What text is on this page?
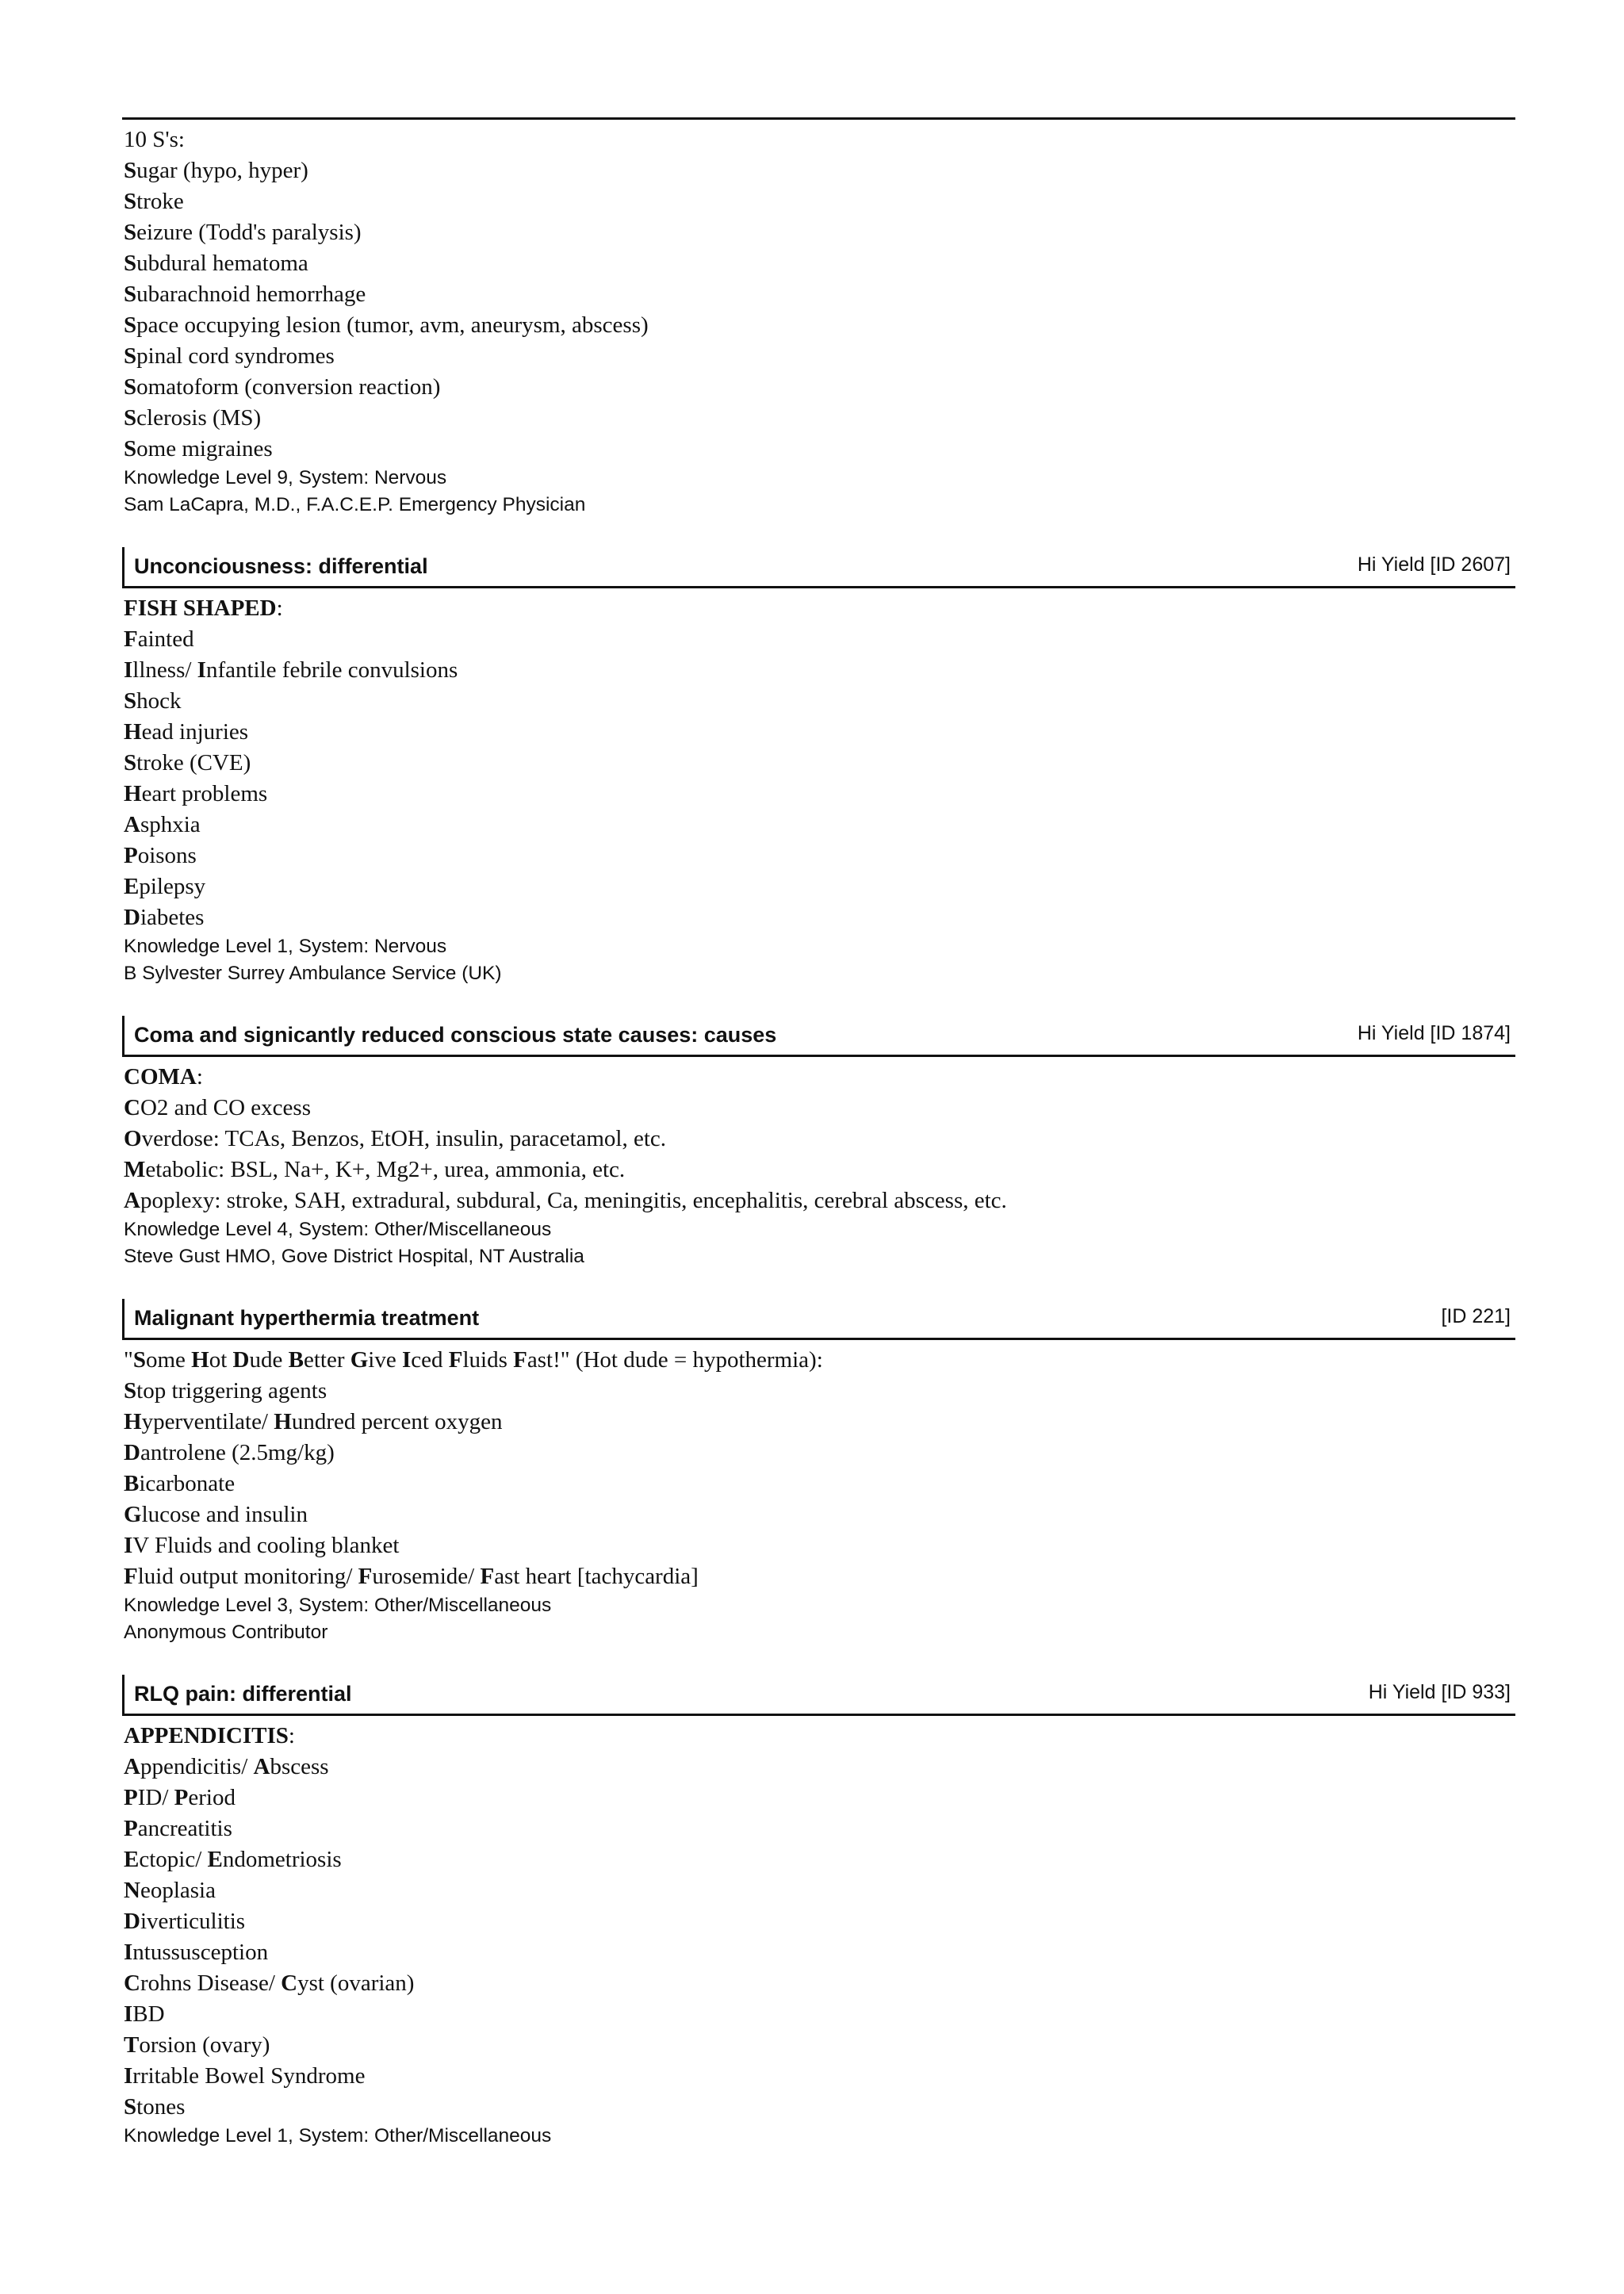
10 S's:
Sugar (hypo, hyper)
Stroke
Seizure (Todd's paralysis)
Subdural hematoma
Subarachnoid hemorrhage
Space occupying lesion (tumor, avm, aneurysm, abscess)
Spinal cord syndromes
Somatoform (conversion reaction)
Sclerosis (MS)
Some migraines
Knowledge Level 9, System: Nervous
Sam LaCapra, M.D., F.A.C.E.P. Emergency Physician
Unconciousness: differential	Hi Yield [ID 2607]
FISH SHAPED:
Fainted
Illness/ Infantile febrile convulsions
Shock
Head injuries
Stroke (CVE)
Heart problems
Asphxia
Poisons
Epilepsy
Diabetes
Knowledge Level 1, System: Nervous
B Sylvester Surrey Ambulance Service (UK)
Coma and signicantly reduced conscious state causes: causes	Hi Yield [ID 1874]
COMA:
CO2 and CO excess
Overdose: TCAs, Benzos, EtOH, insulin, paracetamol, etc.
Metabolic: BSL, Na+, K+, Mg2+, urea, ammonia, etc.
Apoplexy: stroke, SAH, extradural, subdural, Ca, meningitis, encephalitis, cerebral abscess, etc.
Knowledge Level 4, System: Other/Miscellaneous
Steve Gust HMO, Gove District Hospital, NT Australia
Malignant hyperthermia treatment	[ID 221]
"Some Hot Dude Better Give Iced Fluids Fast!" (Hot dude = hypothermia):
Stop triggering agents
Hyperventilate/ Hundred percent oxygen
Dantrolene (2.5mg/kg)
Bicarbonate
Glucose and insulin
IV Fluids and cooling blanket
Fluid output monitoring/ Furosemide/ Fast heart [tachycardia]
Knowledge Level 3, System: Other/Miscellaneous
Anonymous Contributor
RLQ pain: differential	Hi Yield [ID 933]
APPENDICITIS:
Appendicitis/ Abscess
PID/ Period
Pancreatitis
Ectopic/ Endometriosis
Neoplasia
Diverticulitis
Intussusception
Crohns Disease/ Cyst (ovarian)
IBD
Torsion (ovary)
Irritable Bowel Syndrome
Stones
Knowledge Level 1, System: Other/Miscellaneous
